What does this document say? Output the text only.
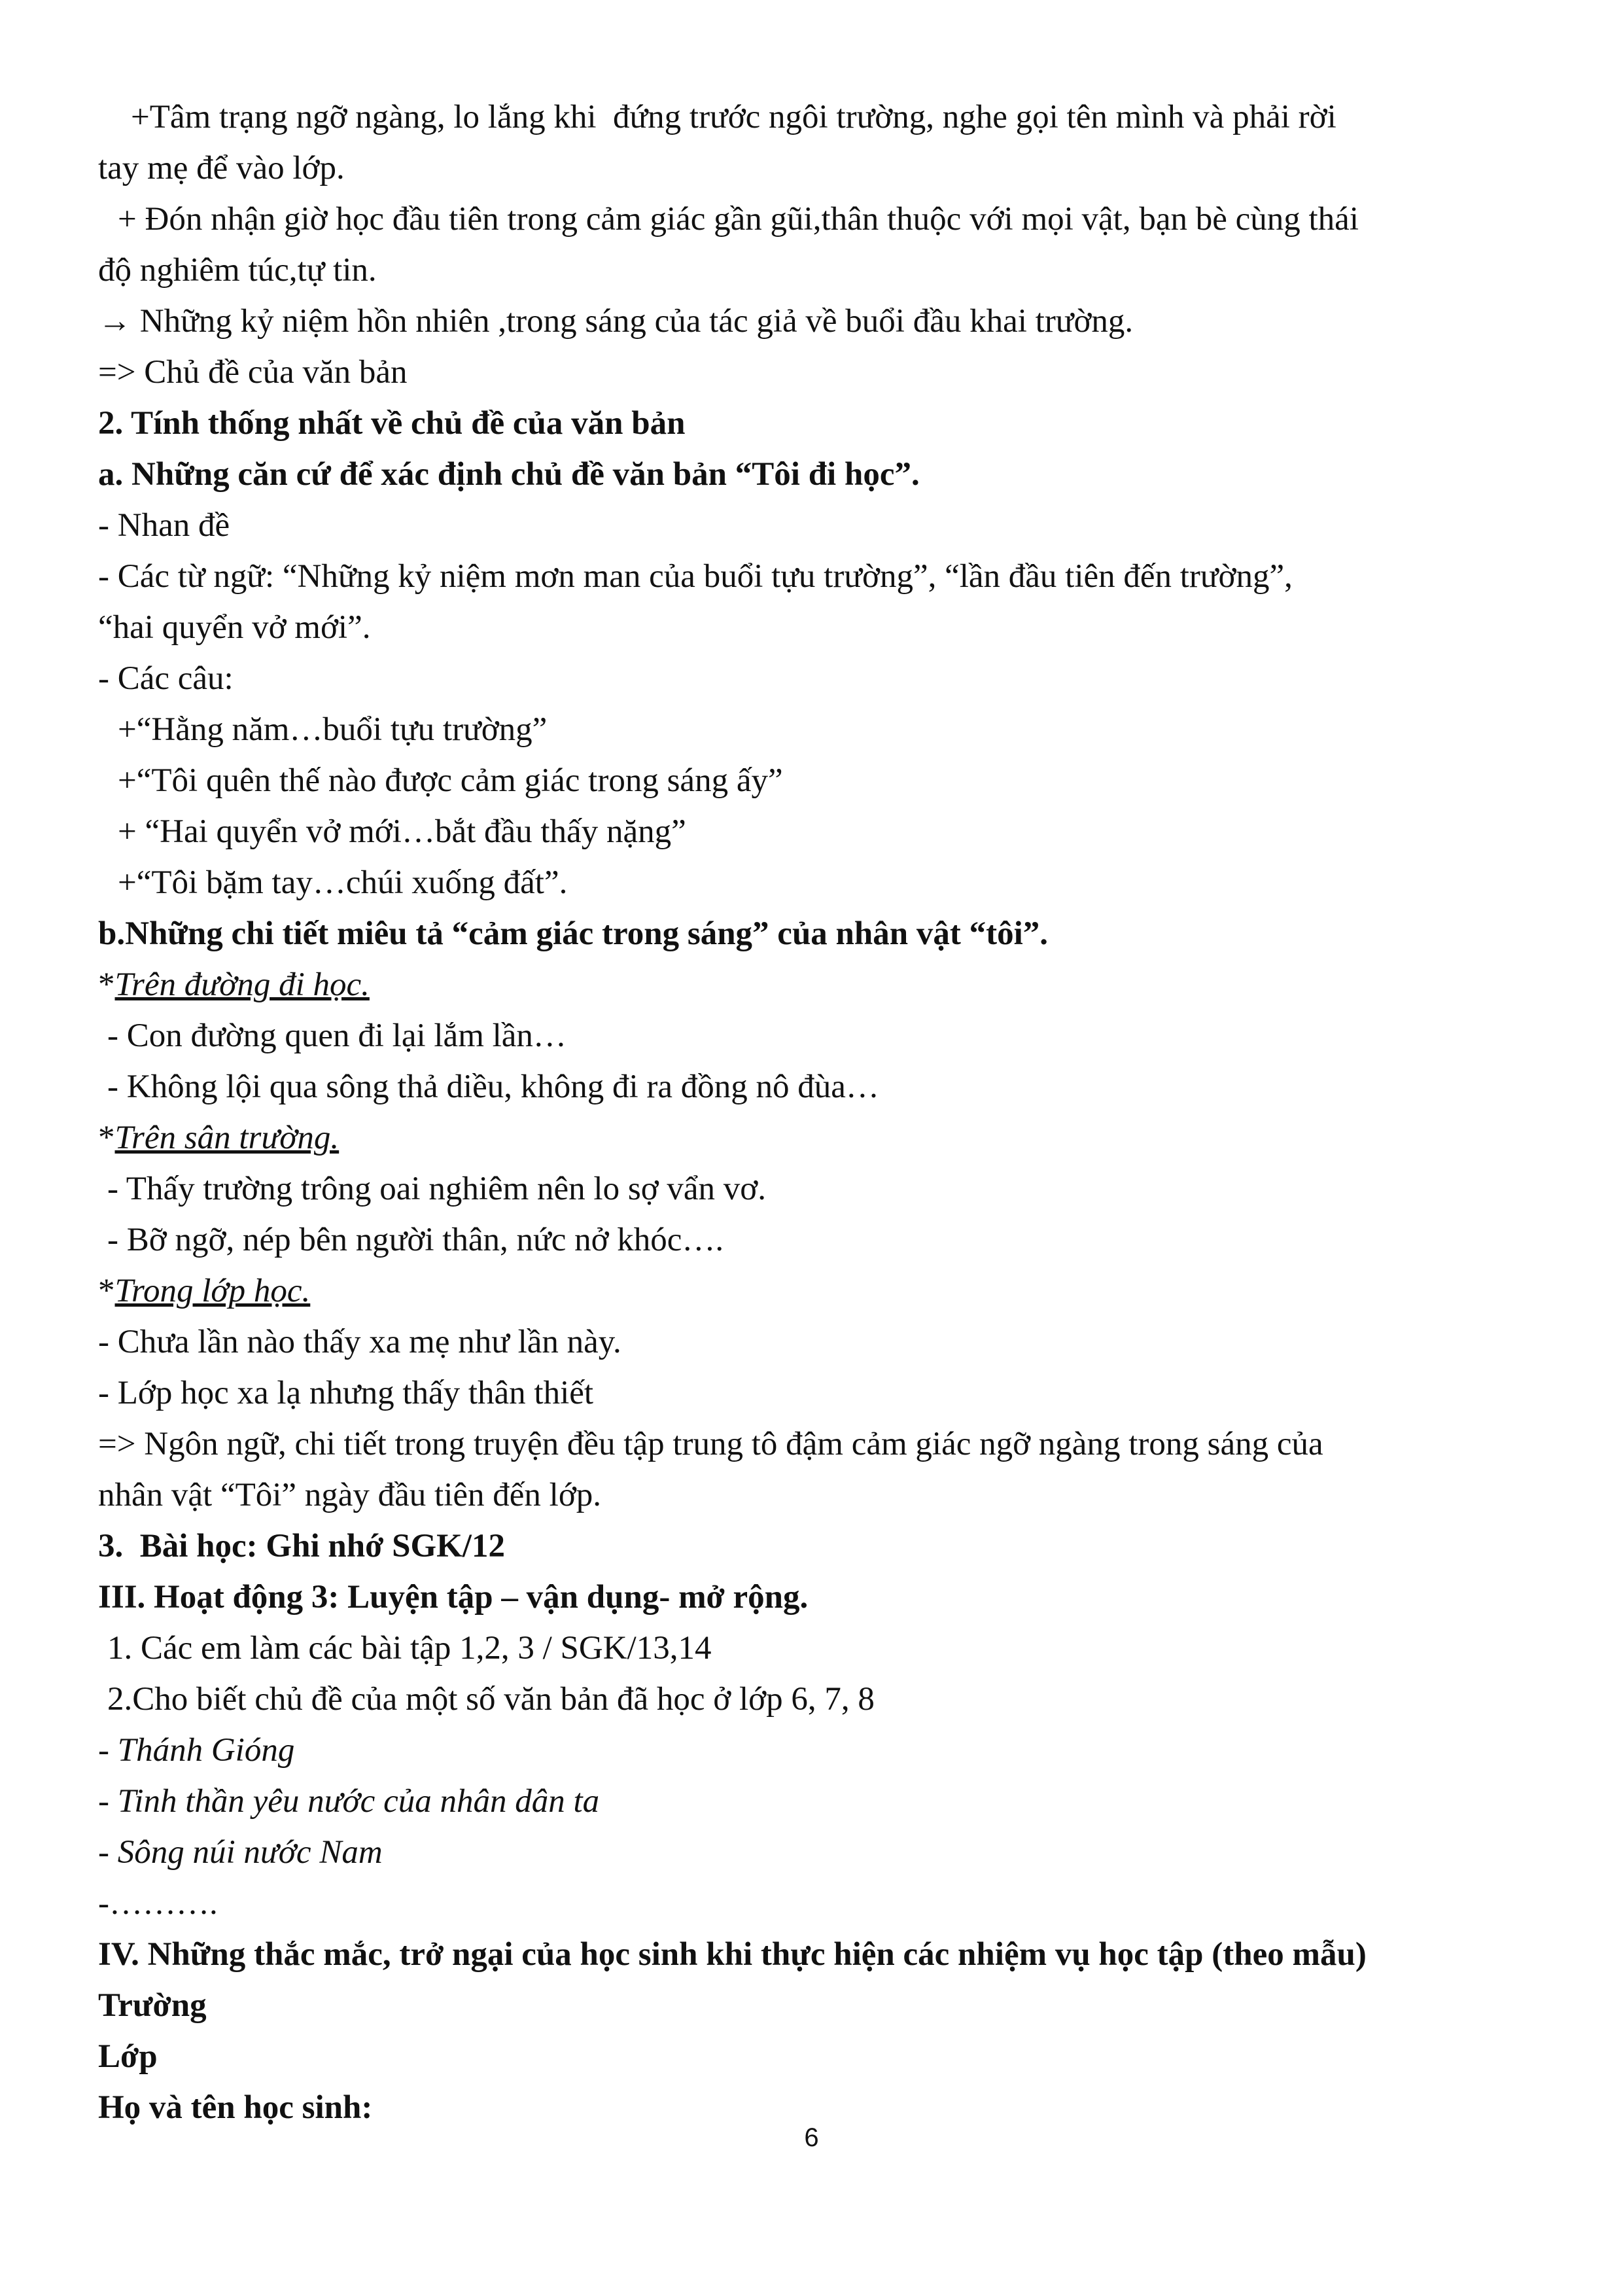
+Tâm trạng ngỡ ngàng, lo lắng khi  đứng trước ngôi trường, nghe gọi tên mình và phải rời

tay mẹ để vào lớp.

+ Đón nhận giờ học đầu tiên trong cảm giác gần gũi,thân thuộc với mọi vật, bạn bè cùng thái

độ nghiêm túc,tự tin.

→ Những kỷ niệm hồn nhiên ,trong sáng của tác giả về buổi đầu khai trường.

=> Chủ đề của văn bản

2. Tính thống nhất về chủ đề của văn bản

a. Những căn cứ để xác định chủ đề văn bản “Tôi đi học”.

- Nhan đề

- Các từ ngữ: “Những kỷ niệm mơn man của buổi tựu trường”, “lần đầu tiên đến trường”,

“hai quyển vở mới”.

- Các câu:

+“Hằng năm…buổi tựu trường”

+“Tôi quên thế nào được cảm giác trong sáng ấy”

+ “Hai quyển vở mới…bắt đầu thấy nặng”

+“Tôi bặm tay…chúi xuống đất”.

b.Những chi tiết miêu tả “cảm giác trong sáng” của nhân vật “tôi”.

*Trên đường đi học.

- Con đường quen đi lại lắm lần…

- Không lội qua sông thả diều, không đi ra đồng nô đùa…

*Trên sân trường.

- Thấy trường trông oai nghiêm nên lo sợ vẩn vơ.

- Bỡ ngỡ, nép bên người thân, nức nở khóc….

*Trong lớp học.

- Chưa lần nào thấy xa mẹ như lần này.

- Lớp học xa lạ nhưng thấy thân thiết

=> Ngôn ngữ, chi tiết trong truyện đều tập trung tô đậm cảm giác ngỡ ngàng trong sáng của

nhân vật “Tôi” ngày đầu tiên đến lớp.

3.  Bài học: Ghi nhớ SGK/12

III. Hoạt động 3: Luyện tập – vận dụng- mở rộng.

1. Các em làm các bài tập 1,2, 3 / SGK/13,14

2.Cho biết chủ đề của một số văn bản đã học ở lớp 6, 7, 8

- Thánh Gióng

- Tinh thần yêu nước của nhân dân ta

- Sông núi nước Nam

-……….

IV. Những thắc mắc, trở ngại của học sinh khi thực hiện các nhiệm vụ học tập (theo mẫu)

Trường

Lớp

Họ và tên học sinh:

6
